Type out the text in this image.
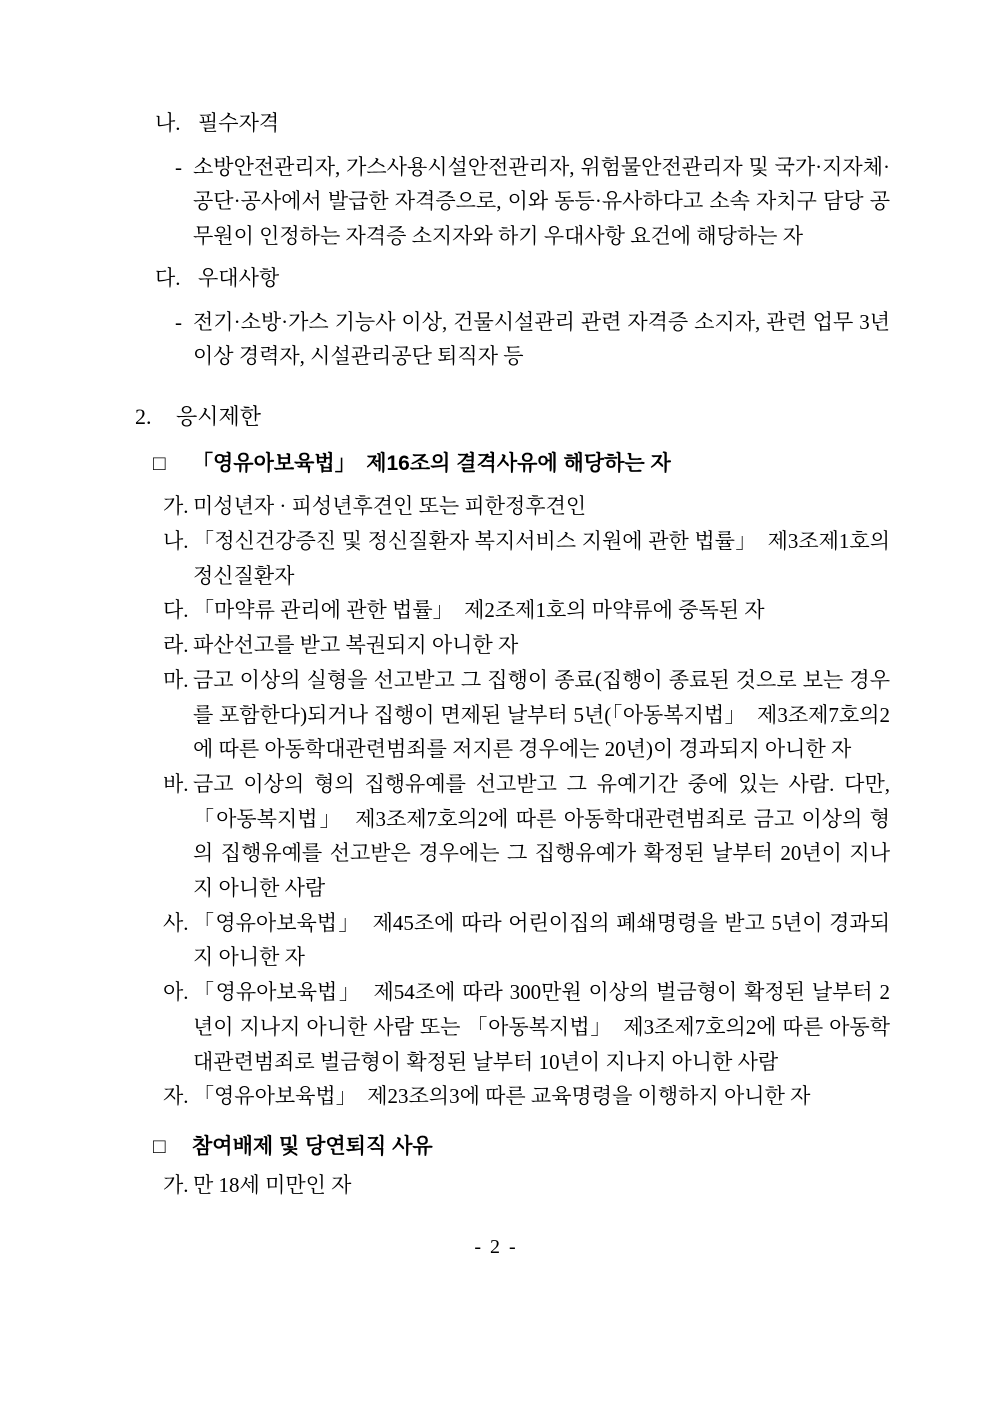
나. 필수자격
- 소방안전관리자, 가스사용시설안전관리자, 위험물안전관리자 및 국가·지자체·공단·공사에서 발급한 자격증으로, 이와 동등·유사하다고 소속 자치구 담당 공무원이 인정하는 자격증 소지자와 하기 우대사항 요건에 해당하는 자
다. 우대사항
- 전기·소방·가스 기능사 이상, 건물시설관리 관련 자격증 소지자, 관련 업무 3년 이상 경력자, 시설관리공단 퇴직자 등
2.	응시제한
□	「영유아보육법」　제16조의 결격사유에 해당하는 자
가. 미성년자 · 피성년후견인 또는 피한정후견인
나. 「정신건강증진 및 정신질환자 복지서비스 지원에 관한 법률」　제3조제1호의 정신질환자
다. 「마약류 관리에 관한 법률」　제2조제1호의 마약류에 중독된 자
라. 파산선고를 받고 복권되지 아니한 자
마. 금고 이상의 실형을 선고받고 그 집행이 종료(집행이 종료된 것으로 보는 경우를 포함한다)되거나 집행이 면제된 날부터 5년(「아동복지법」　제3조제7호의2에 따른 아동학대관련범죄를 저지른 경우에는 20년)이 경과되지 아니한 자
바. 금고 이상의 형의 집행유예를 선고받고 그 유예기간 중에 있는 사람. 다만, 「아동복지법」　제3조제7호의2에 따른 아동학대관련범죄로 금고 이상의 형의 집행유예를 선고받은 경우에는 그 집행유예가 확정된 날부터 20년이 지나지 아니한 사람
사. 「영유아보육법」　제45조에 따라 어린이집의 폐쇄명령을 받고 5년이 경과되지 아니한 자
아. 「영유아보육법」　제54조에 따라 300만원 이상의 벌금형이 확정된 날부터 2년이 지나지 아니한 사람 또는 「아동복지법」　제3조제7호의2에 따른 아동학대관련범죄로 벌금형이 확정된 날부터 10년이 지나지 아니한 사람
자. 「영유아보육법」　제23조의3에 따른 교육명령을 이행하지 아니한 자
□	참여배제 및 당연퇴직 사유
가. 만 18세 미만인 자
- 2 -
